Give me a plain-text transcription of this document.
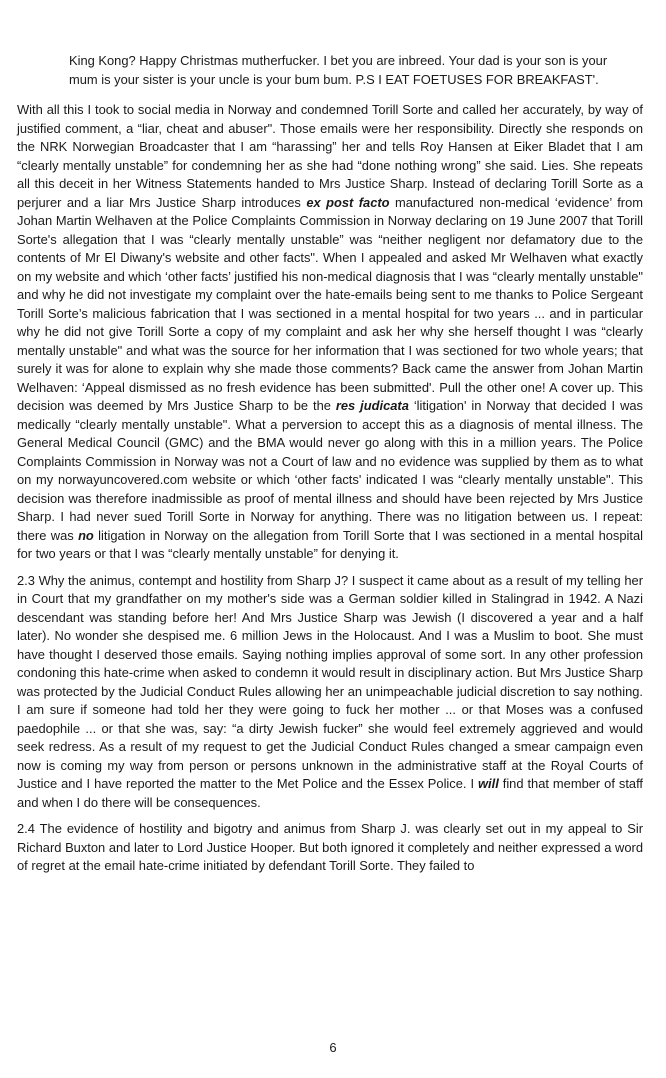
King Kong? Happy Christmas mutherfucker. I bet you are inbreed. Your dad is your son is your
mum is your sister is your uncle is your bum bum. P.S I EAT FOETUSES FOR BREAKFAST'.

With all this I took to social media in Norway and condemned Torill Sorte and called her accurately, by way of justified comment, a “liar, cheat and abuser". Those emails were her responsibility. Directly she responds on the NRK Norwegian Broadcaster that I am “harassing” her and tells Roy Hansen at Eiker Bladet that I am “clearly mentally unstable” for condemning her as she had “done nothing wrong” she said. Lies. She repeats all this deceit in her Witness Statements handed to Mrs Justice Sharp. Instead of declaring Torill Sorte as a perjurer and a liar Mrs Justice Sharp introduces ex post facto manufactured non-medical ‘evidence’ from Johan Martin Welhaven at the Police Complaints Commission in Norway declaring on 19 June 2007 that Torill Sorte's allegation that I was “clearly mentally unstable” was “neither negligent nor defamatory due to the contents of Mr El Diwany's website and other facts". When I appealed and asked Mr Welhaven what exactly on my website and which ‘other facts’ justified his non-medical diagnosis that I was “clearly mentally unstable" and why he did not investigate my complaint over the hate-emails being sent to me thanks to Police Sergeant Torill Sorte’s malicious fabrication that I was sectioned in a mental hospital for two years ... and in particular why he did not give Torill Sorte a copy of my complaint and ask her why she herself thought I was “clearly mentally unstable" and what was the source for her information that I was sectioned for two whole years; that surely it was for alone to explain why she made those comments? Back came the answer from Johan Martin Welhaven: ‘Appeal dismissed as no fresh evidence has been submitted'. Pull the other one! A cover up. This decision was deemed by Mrs Justice Sharp to be the res judicata ‘litigation' in Norway that decided I was medically “clearly mentally unstable". What a perversion to accept this as a diagnosis of mental illness. The General Medical Council (GMC) and the BMA would never go along with this in a million years. The Police Complaints Commission in Norway was not a Court of law and no evidence was supplied by them as to what on my norwayuncovered.com website or which ‘other facts' indicated I was “clearly mentally unstable". This decision was therefore inadmissible as proof of mental illness and should have been rejected by Mrs Justice Sharp. I had never sued Torill Sorte in Norway for anything. There was no litigation between us. I repeat: there was no litigation in Norway on the allegation from Torill Sorte that I was sectioned in a mental hospital for two years or that I was “clearly mentally unstable” for denying it.

2.3 Why the animus, contempt and hostility from Sharp J? I suspect it came about as a result of my telling her in Court that my grandfather on my mother's side was a German soldier killed in Stalingrad in 1942. A Nazi descendant was standing before her! And Mrs Justice Sharp was Jewish (I discovered a year and a half later). No wonder she despised me. 6 million Jews in the Holocaust. And I was a Muslim to boot. She must have thought I deserved those emails. Saying nothing implies approval of some sort. In any other profession condoning this hate-crime when asked to condemn it would result in disciplinary action. But Mrs Justice Sharp was protected by the Judicial Conduct Rules allowing her an unimpeachable judicial discretion to say nothing. I am sure if someone had told her they were going to fuck her mother ... or that Moses was a confused paedophile ... or that she was, say: “a dirty Jewish fucker” she would feel extremely aggrieved and would seek redress. As a result of my request to get the Judicial Conduct Rules changed a smear campaign even now is coming my way from person or persons unknown in the administrative staff at the Royal Courts of Justice and I have reported the matter to the Met Police and the Essex Police. I will find that member of staff and when I do there will be consequences.

2.4 The evidence of hostility and bigotry and animus from Sharp J. was clearly set out in my appeal to Sir Richard Buxton and later to Lord Justice Hooper. But both ignored it completely and neither expressed a word of regret at the email hate-crime initiated by defendant Torill Sorte. They failed to

6
